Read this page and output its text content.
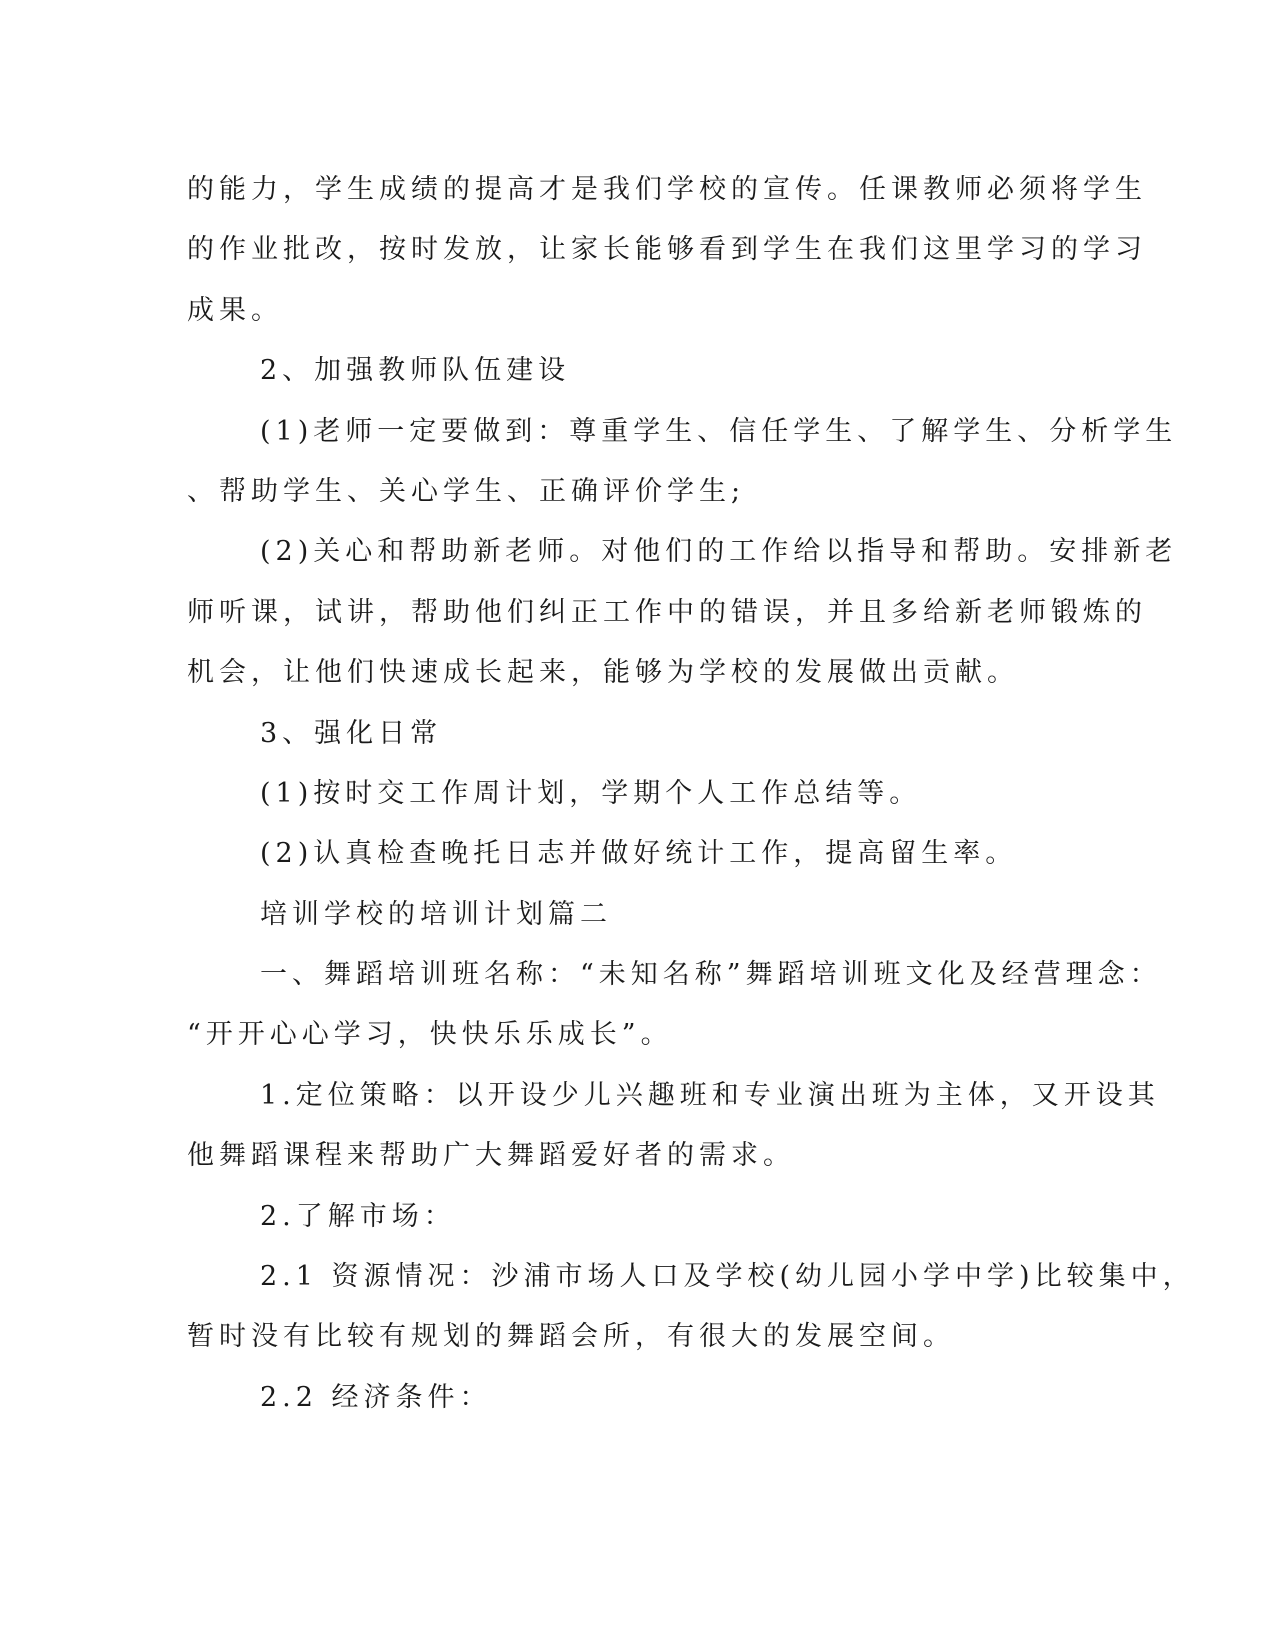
的能力，学生成绩的提高才是我们学校的宣传。任课教师必须将学生
的作业批改，按时发放，让家长能够看到学生在我们这里学习的学习
成果。
2、加强教师队伍建设
(1)老师一定要做到：尊重学生、信任学生、了解学生、分析学生
、帮助学生、关心学生、正确评价学生;
(2)关心和帮助新老师。对他们的工作给以指导和帮助。安排新老
师听课，试讲，帮助他们纠正工作中的错误，并且多给新老师锻炼的
机会，让他们快速成长起来，能够为学校的发展做出贡献。
3、强化日常
(1)按时交工作周计划，学期个人工作总结等。
(2)认真检查晚托日志并做好统计工作，提高留生率。
培训学校的培训计划篇二
一、舞蹈培训班名称：“未知名称”舞蹈培训班文化及经营理念：
“开开心心学习，快快乐乐成长”。
1.定位策略：以开设少儿兴趣班和专业演出班为主体，又开设其
他舞蹈课程来帮助广大舞蹈爱好者的需求。
2.了解市场：
2.1 资源情况：沙浦市场人口及学校(幼儿园小学中学)比较集中，
暂时没有比较有规划的舞蹈会所，有很大的发展空间。
2.2 经济条件：
